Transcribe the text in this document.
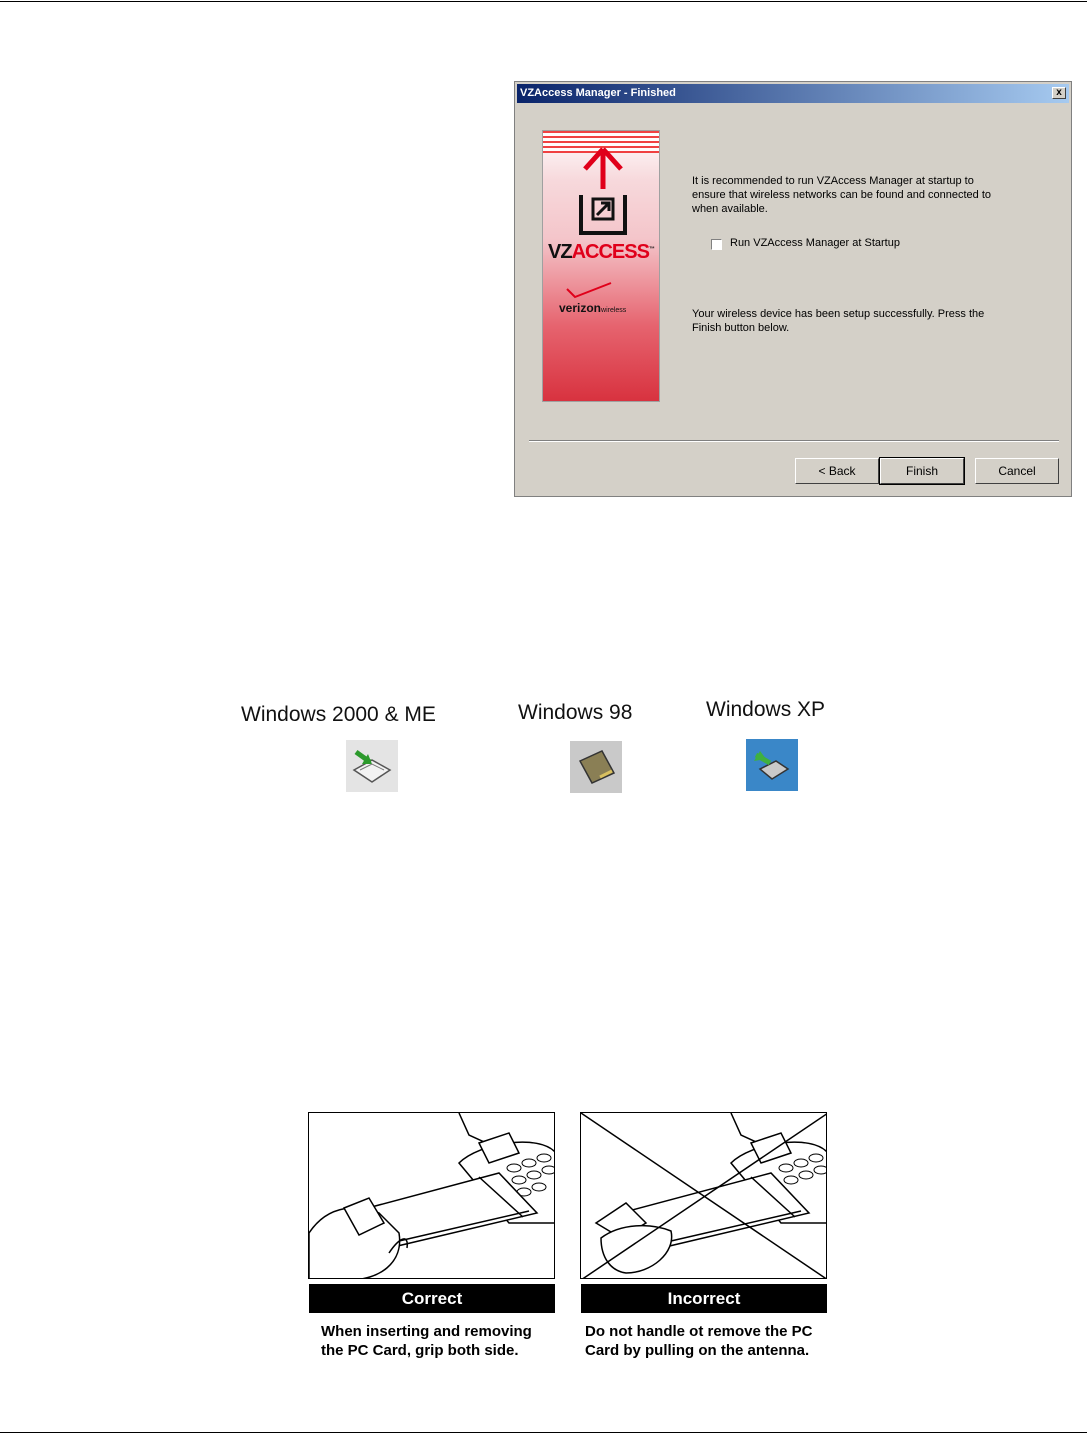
VZAccess Manager - Finished	x
VZACCESS™
verizonwireless
It is recommended to run VZAccess Manager at startup to
ensure that wireless networks can be found and connected to
when available.
Run VZAccess Manager at Startup
Your wireless device has been setup successfully. Press the
Finish button below.
< Back	Finish	Cancel
Windows 2000 & ME	Windows 98	Windows XP
Correct
When inserting and removing
the PC Card, grip both side.
Incorrect
Do not handle ot remove the PC
Card by pulling on the antenna.
